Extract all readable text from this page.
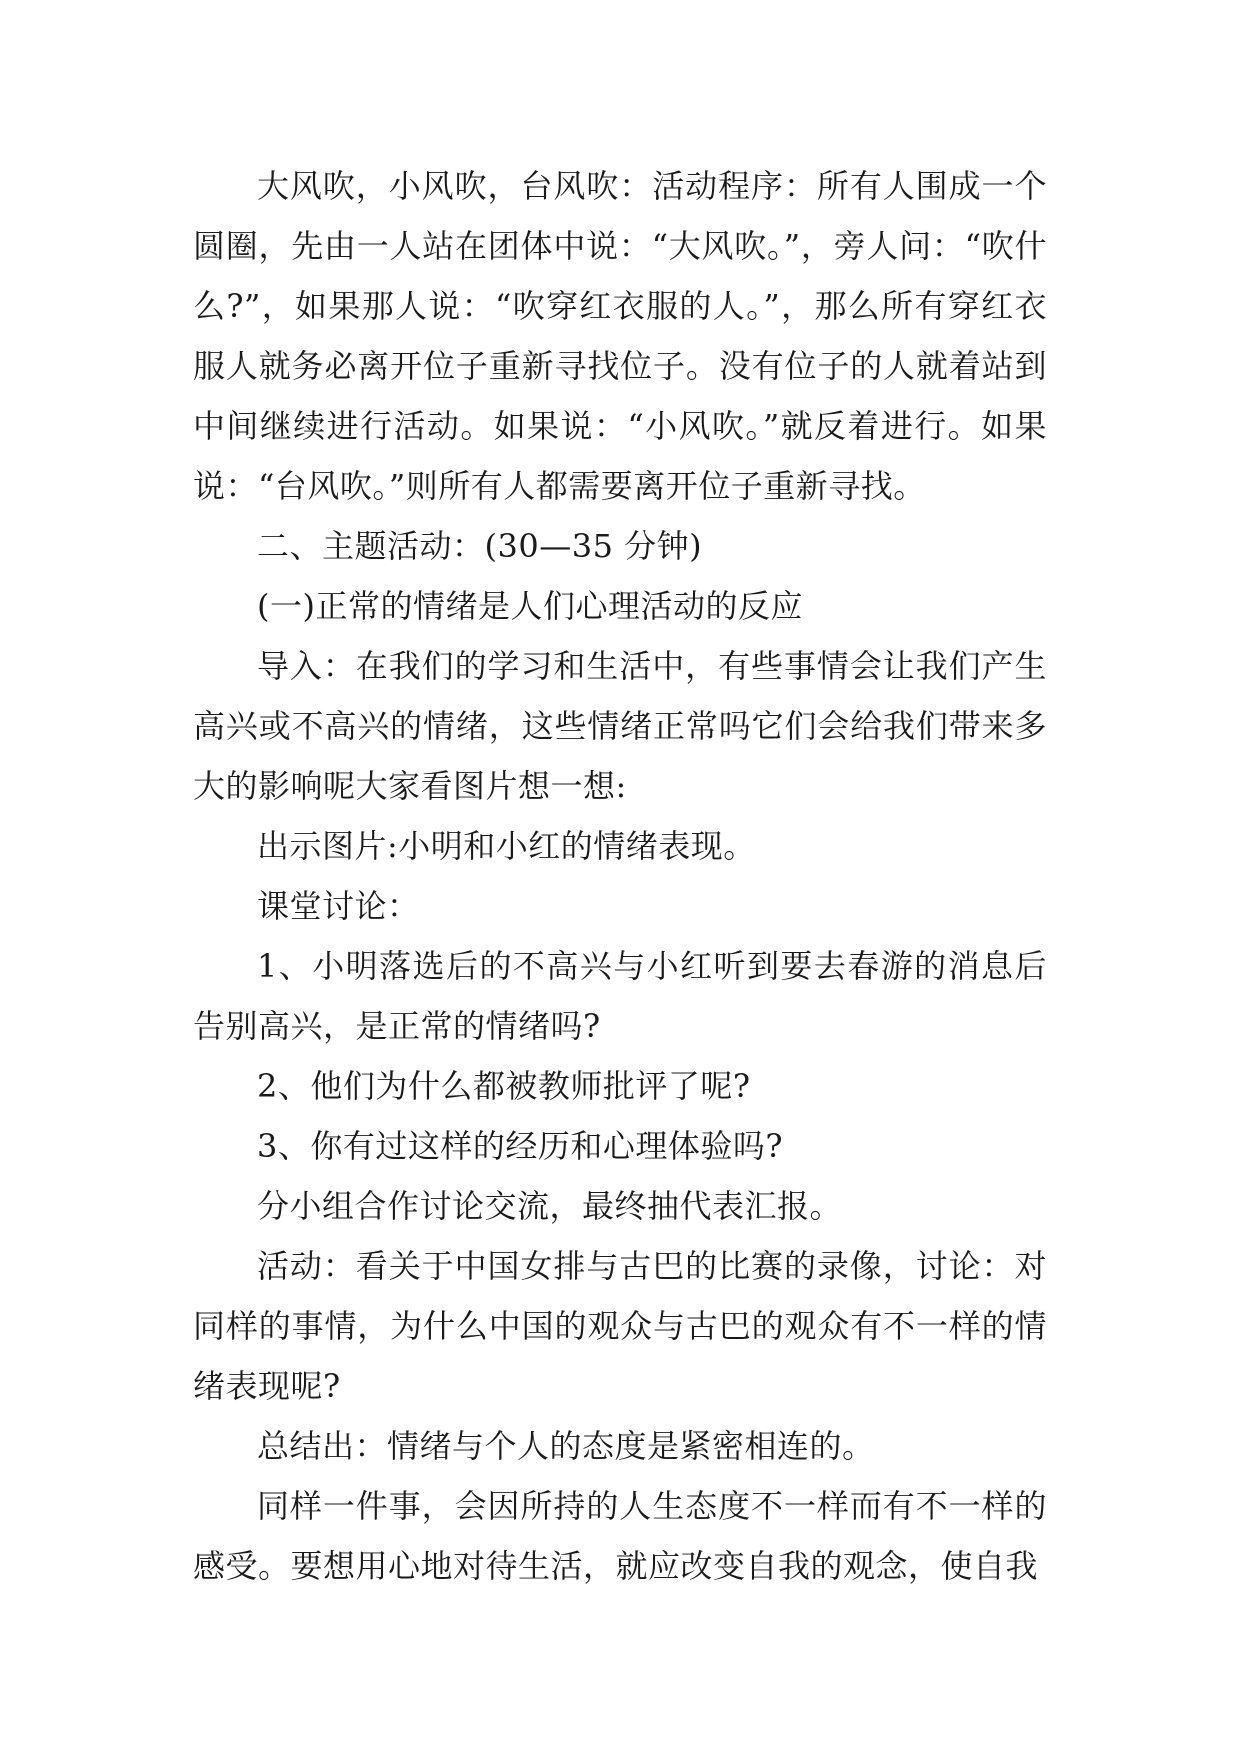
大风吹，小风吹，台风吹：活动程序：所有人围成一个圆圈，先由一人站在团体中说：“大风吹。”，旁人问：“吹什么?”，如果那人说：“吹穿红衣服的人。”，那么所有穿红衣服人就务必离开位子重新寻找位子。没有位子的人就着站到中间继续进行活动。如果说：“小风吹。”就反着进行。如果说：“台风吹。”则所有人都需要离开位子重新寻找。

二、主题活动：(30—35 分钟)

(一)正常的情绪是人们心理活动的反应

导入：在我们的学习和生活中，有些事情会让我们产生高兴或不高兴的情绪，这些情绪正常吗它们会给我们带来多大的影响呢大家看图片想一想:

出示图片:小明和小红的情绪表现。

课堂讨论：

1、小明落选后的不高兴与小红听到要去春游的消息后告别高兴，是正常的情绪吗?

2、他们为什么都被教师批评了呢?

3、你有过这样的经历和心理体验吗?

分小组合作讨论交流，最终抽代表汇报。

活动：看关于中国女排与古巴的比赛的录像，讨论：对同样的事情，为什么中国的观众与古巴的观众有不一样的情绪表现呢?

总结出：情绪与个人的态度是紧密相连的。

同样一件事，会因所持的人生态度不一样而有不一样的感受。要想用心地对待生活，就应改变自我的观念，使自我
